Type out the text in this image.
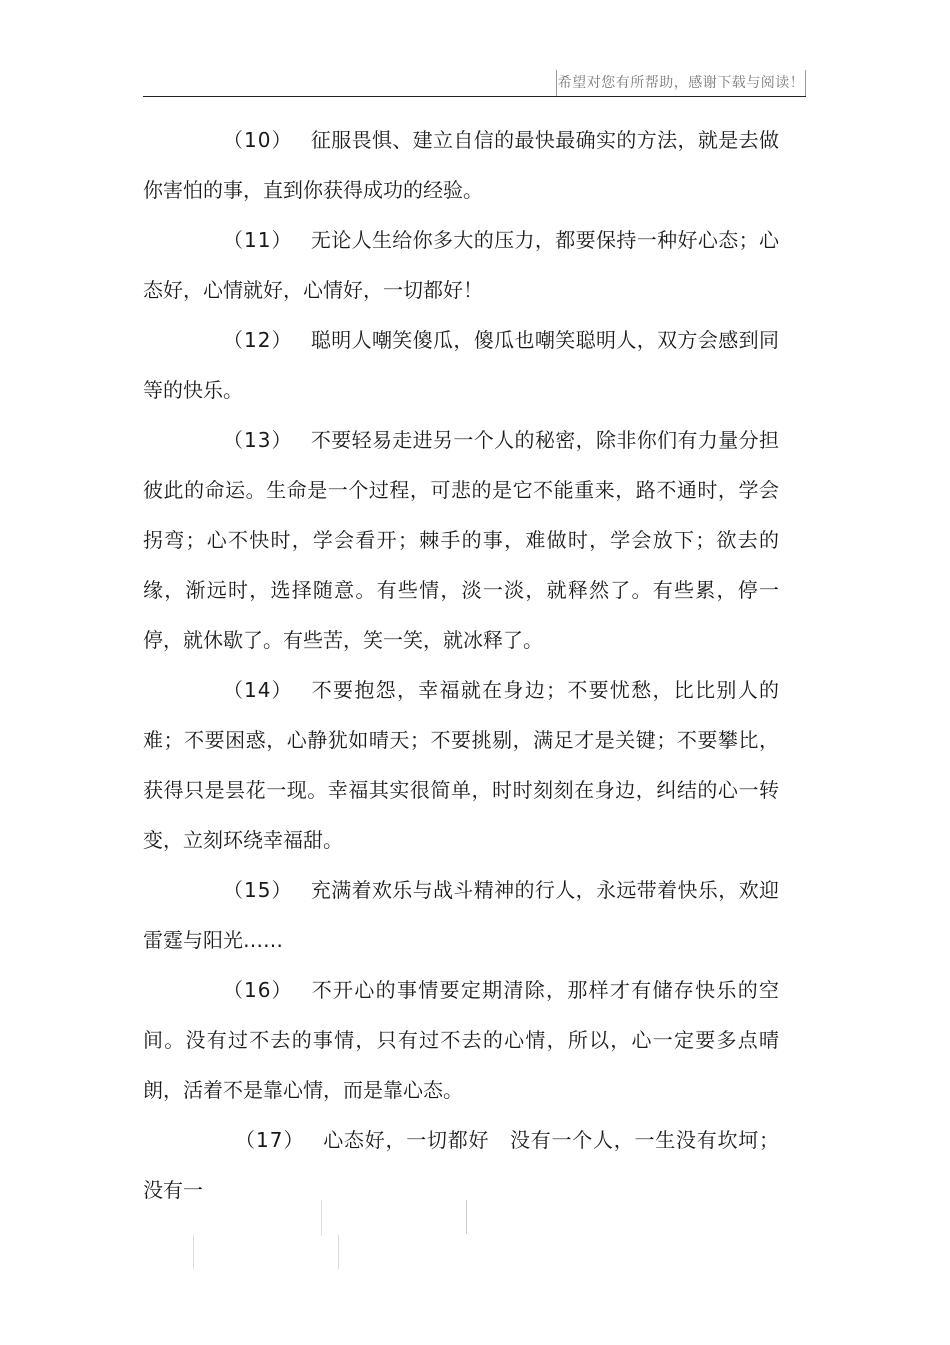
希望对您有所帮助，感谢下载与阅读！

（10） 征服畏惧、建立自信的最快最确实的方法，就是去做你害怕的事，直到你获得成功的经验。

（11） 无论人生给你多大的压力，都要保持一种好心态；心态好，心情就好，心情好，一切都好！

（12） 聪明人嘲笑傻瓜，傻瓜也嘲笑聪明人，双方会感到同等的快乐。

（13） 不要轻易走进另一个人的秘密，除非你们有力量分担彼此的命运。生命是一个过程，可悲的是它不能重来，路不通时，学会拐弯；心不快时，学会看开；棘手的事，难做时，学会放下；欲去的缘，渐远时，选择随意。有些情，淡一淡，就释然了。有些累，停一停，就休歇了。有些苦，笑一笑，就冰释了。

（14） 不要抱怨，幸福就在身边；不要忧愁，比比别人的难；不要困惑，心静犹如晴天；不要挑剔，满足才是关键；不要攀比，获得只是昙花一现。幸福其实很简单，时时刻刻在身边，纠结的心一转变，立刻环绕幸福甜。

（15） 充满着欢乐与战斗精神的行人，永远带着快乐，欢迎雷霆与阳光……

（16） 不开心的事情要定期清除，那样才有储存快乐的空间。没有过不去的事情，只有过不去的心情，所以，心一定要多点晴朗，活着不是靠心情，而是靠心态。

（17） 心态好，一切都好　没有一个人，一生没有坎坷；没有一
